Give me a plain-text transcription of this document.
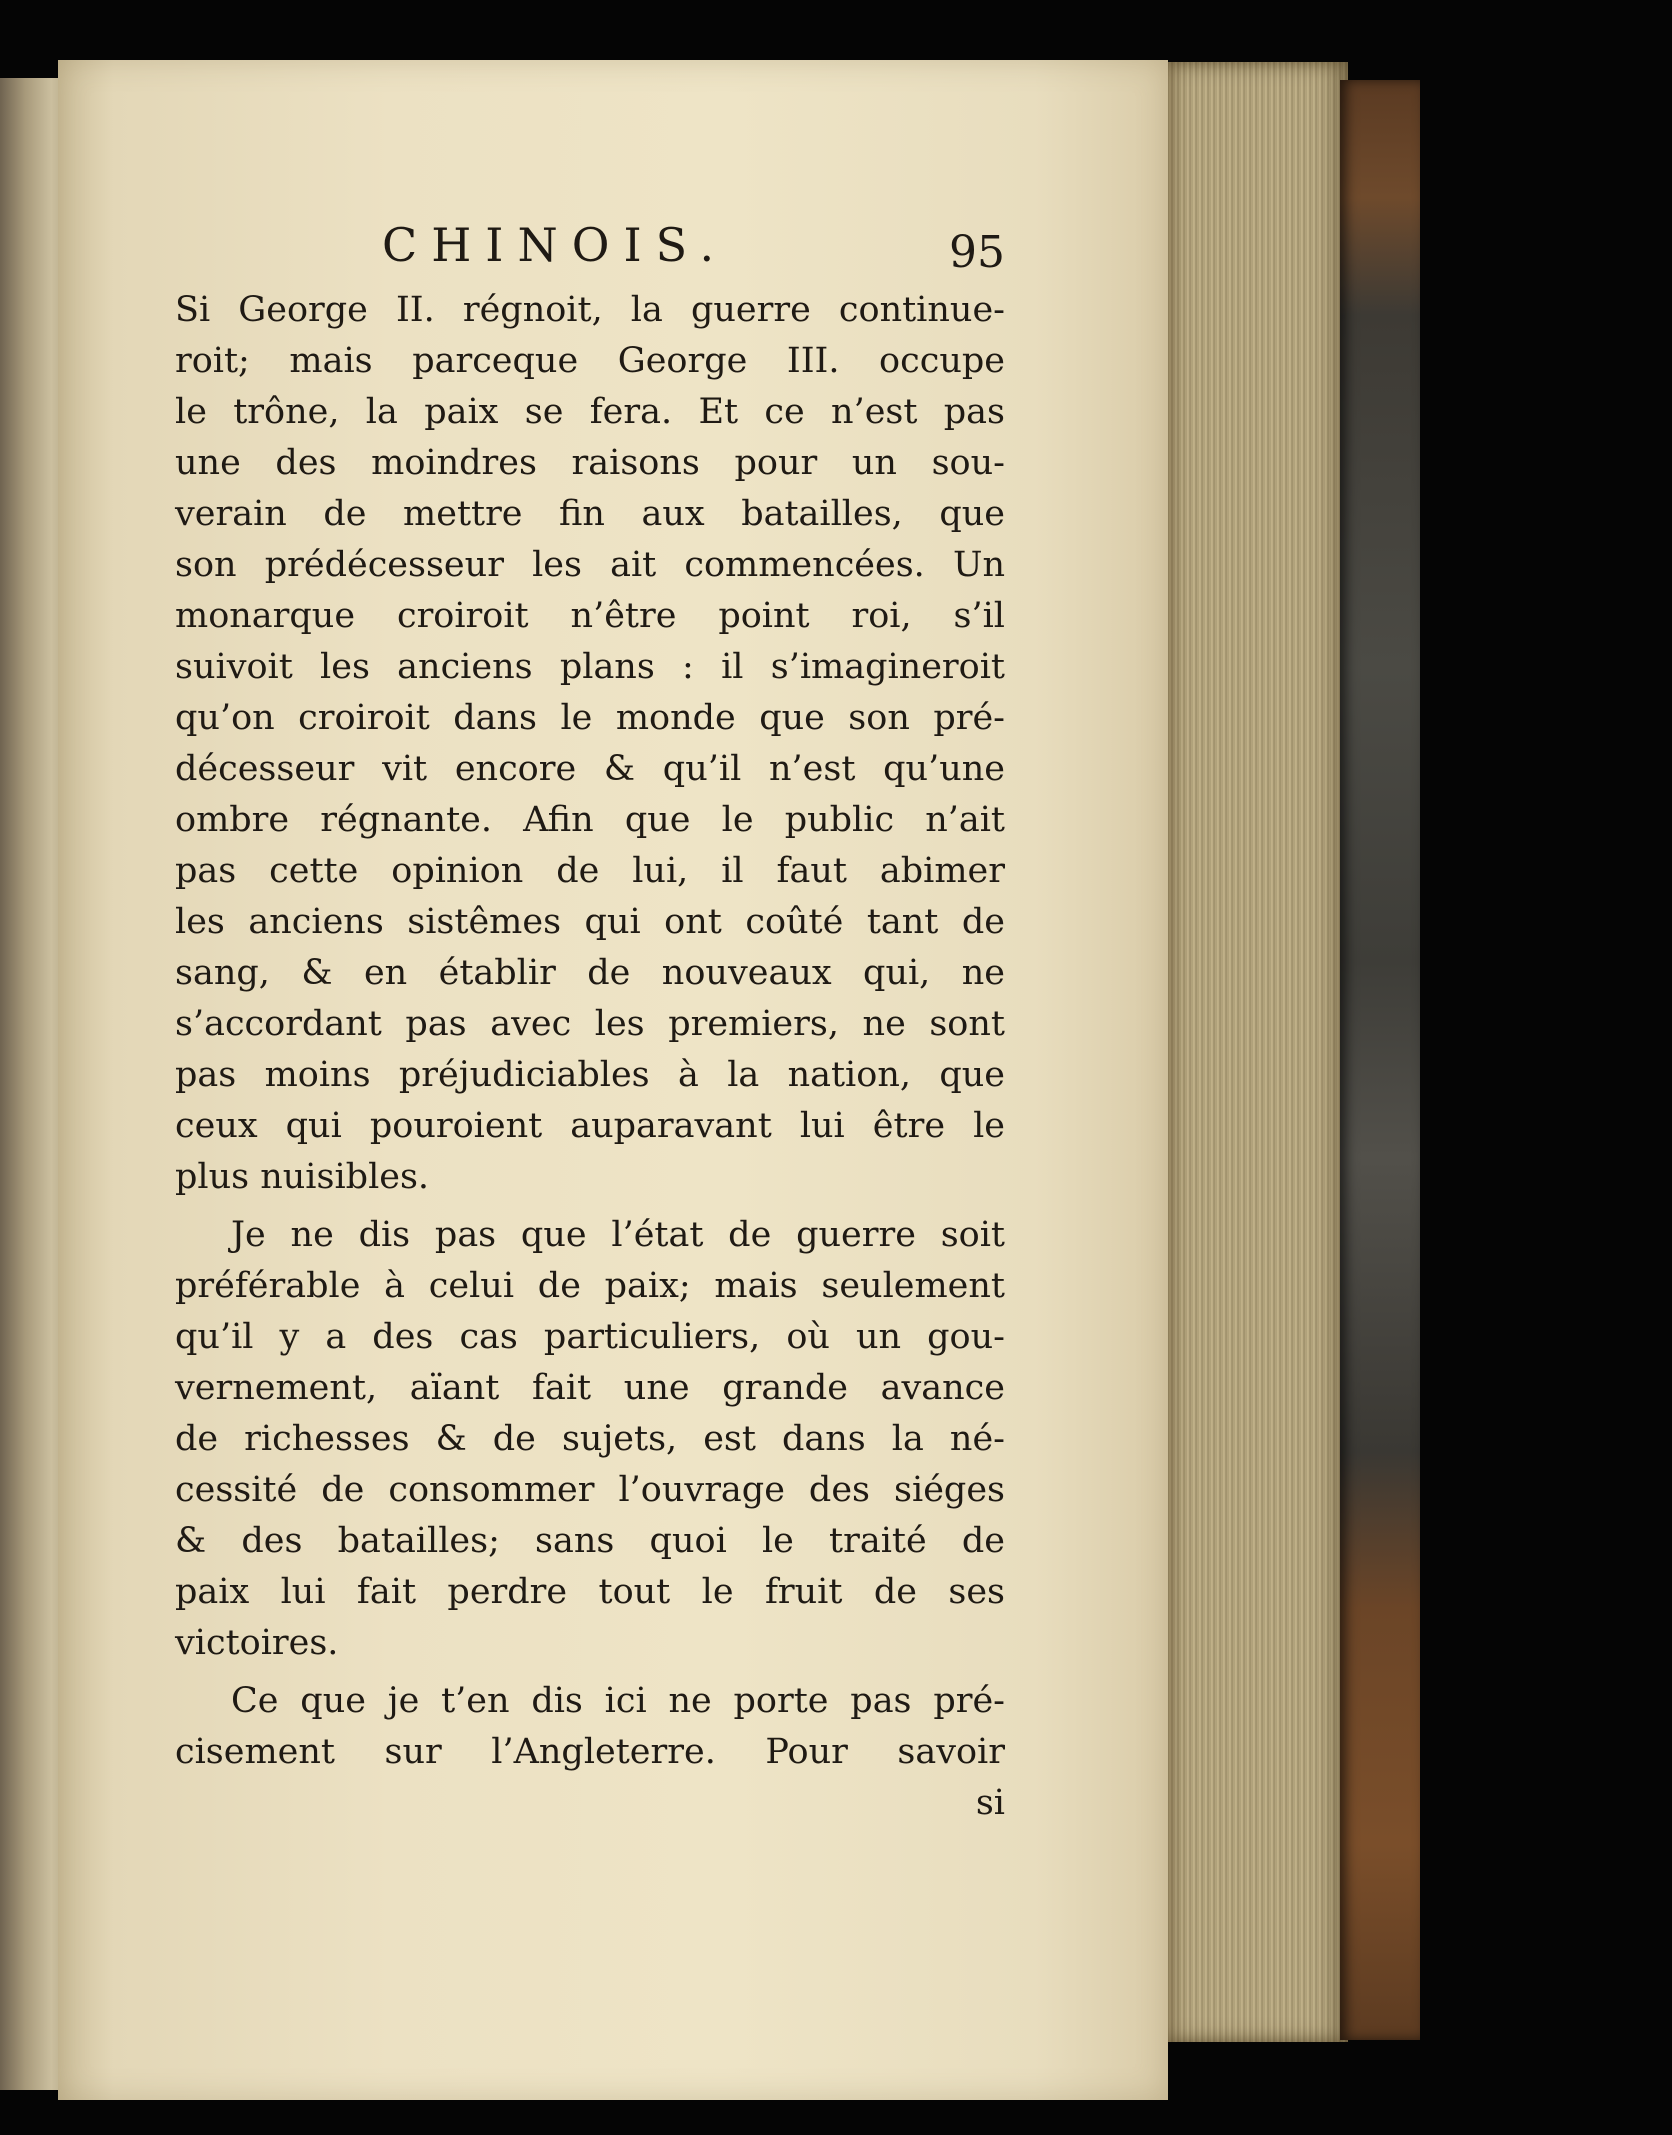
CHINOIS.	95
Si George II. régnoit, la guerre continue-
roit; mais parceque George III. occupe
le trône, la paix se fera. Et ce n’est pas
une des moindres raisons pour un sou-
verain de mettre fin aux batailles, que
son prédécesseur les ait commencées. Un
monarque croiroit n’être point roi, s’il
suivoit les anciens plans : il s’imagineroit
qu’on croiroit dans le monde que son pré-
décesseur vit encore & qu’il n’est qu’une
ombre régnante. Afin que le public n’ait
pas cette opinion de lui, il faut abimer
les anciens sistêmes qui ont coûté tant de
sang, & en établir de nouveaux qui, ne
s’accordant pas avec les premiers, ne sont
pas moins préjudiciables à la nation, que
ceux qui pouroient auparavant lui être le
plus nuisibles.
Je ne dis pas que l’état de guerre soit
préférable à celui de paix; mais seulement
qu’il y a des cas particuliers, où un gou-
vernement, aïant fait une grande avance
de richesses & de sujets, est dans la né-
cessité de consommer l’ouvrage des siéges
& des batailles; sans quoi le traité de
paix lui fait perdre tout le fruit de ses
victoires.
Ce que je t’en dis ici ne porte pas pré-
cisement sur l’Angleterre. Pour savoir
si
